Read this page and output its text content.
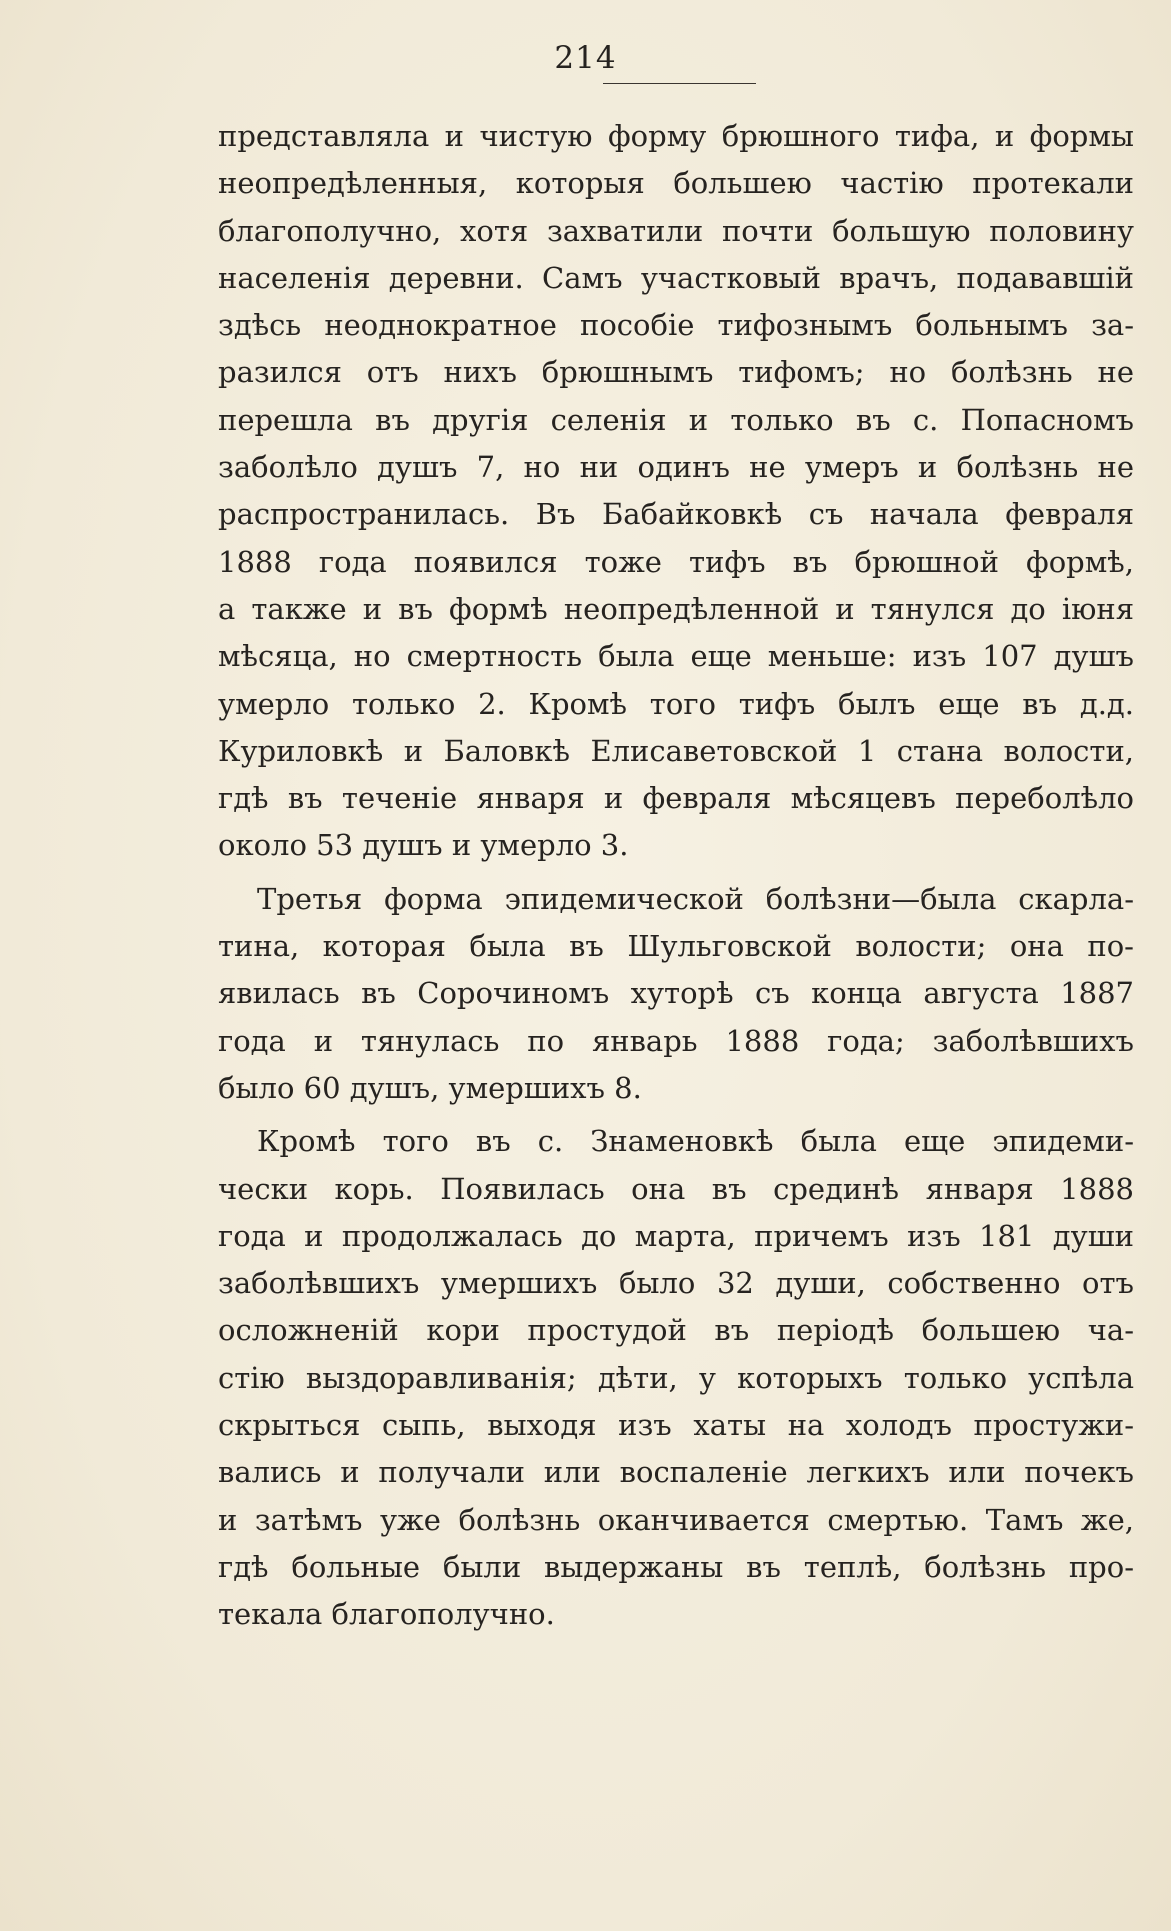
214
представляла и чистую форму брюшного тифа, и формы
неопредѣленныя, которыя большею частію протекали
благополучно, хотя захватили почти большую половину
населенія деревни. Самъ участковый врачъ, подававшій
здѣсь неоднократное пособіе тифознымъ больнымъ за-
разился отъ нихъ брюшнымъ тифомъ; но болѣзнь не
перешла въ другія селенія и только въ с. Попасномъ
заболѣло душъ 7, но ни одинъ не умеръ и болѣзнь не
распространилась. Въ Бабайковкѣ съ начала февраля
1888 года появился тоже тифъ въ брюшной формѣ,
а также и въ формѣ неопредѣленной и тянулся до іюня
мѣсяца, но смертность была еще меньше: изъ 107 душъ
умерло только 2. Кромѣ того тифъ былъ еще въ д.д.
Куриловкѣ и Баловкѣ Елисаветовской 1 стана волости,
гдѣ въ теченіе января и февраля мѣсяцевъ переболѣло
около 53 душъ и умерло 3.
Третья форма эпидемической болѣзни—была скарла-
тина, которая была въ Шульговской волости; она по-
явилась въ Сорочиномъ хуторѣ съ конца августа 1887
года и тянулась по январь 1888 года; заболѣвшихъ
было 60 душъ, умершихъ 8.
Кромѣ того въ с. Знаменовкѣ была еще эпидеми-
чески корь. Появилась она въ срединѣ января 1888
года и продолжалась до марта, причемъ изъ 181 души
заболѣвшихъ умершихъ было 32 души, собственно отъ
осложненій кори простудой въ періодѣ большею ча-
стію выздоравливанія; дѣти, у которыхъ только успѣла
скрыться сыпь, выходя изъ хаты на холодъ простужи-
вались и получали или воспаленіе легкихъ или почекъ
и затѣмъ уже болѣзнь оканчивается смертью. Тамъ же,
гдѣ больные были выдержаны въ теплѣ, болѣзнь про-
текала благополучно.
